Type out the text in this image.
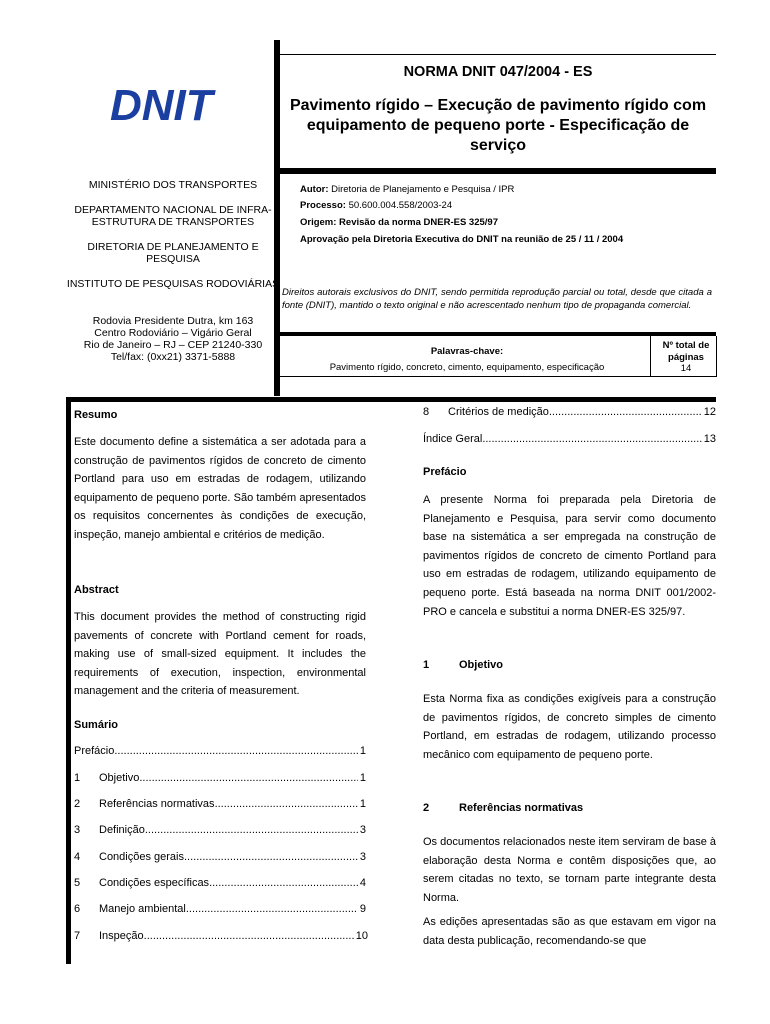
DNIT
NORMA DNIT 047/2004 - ES
Pavimento rígido – Execução de pavimento rígido com equipamento de pequeno porte - Especificação de serviço
MINISTÉRIO DOS TRANSPORTES
DEPARTAMENTO NACIONAL DE INFRA-ESTRUTURA DE TRANSPORTES
DIRETORIA DE PLANEJAMENTO E PESQUISA
INSTITUTO DE PESQUISAS RODOVIÁRIAS
Rodovia Presidente Dutra, km 163
Centro Rodoviário – Vigário Geral
Rio de Janeiro – RJ – CEP 21240-330
Tel/fax: (0xx21) 3371-5888
Autor: Diretoria de Planejamento e Pesquisa / IPR
Processo: 50.600.004.558/2003-24
Origem: Revisão da norma DNER-ES 325/97
Aprovação pela Diretoria Executiva do DNIT na reunião de 25 / 11 / 2004
Direitos autorais exclusivos do DNIT, sendo permitida reprodução parcial ou total, desde que citada a fonte (DNIT), mantido o texto original e não acrescentado nenhum tipo de propaganda comercial.
Palavras-chave:
Pavimento rígido, concreto, cimento, equipamento, especificação
Nº total de
páginas
14
Resumo
Este documento define a sistemática a ser adotada para a construção de pavimentos rígidos de concreto de cimento Portland para uso em estradas de rodagem, utilizando equipamento de pequeno porte. São também apresentados os requisitos concernentes às condições de execução, inspeção, manejo ambiental e critérios de medição.
Abstract
This document provides the method of constructing rigid pavements of concrete with Portland cement for roads, making use of small-sized equipment. It includes the requirements of execution, inspection, environmental management and the criteria of measurement.
Sumário
Prefácio .....	1
1	Objetivo .....	1
2	Referências normativas .....	1
3	Definição .....	3
4	Condições gerais .....	3
5	Condições específicas .....	4
6	Manejo ambiental .....	9
7	Inspeção .....	10
8	Critérios de medição .....	12
Índice Geral .....	13
Prefácio
A presente Norma foi preparada pela Diretoria de Planejamento e Pesquisa, para servir como documento base na sistemática a ser empregada na construção de pavimentos rígidos de concreto de cimento Portland para uso em estradas de rodagem, utilizando equipamento de pequeno porte. Está baseada na norma DNIT 001/2002-PRO e cancela e substitui a norma DNER-ES 325/97.
1	Objetivo
Esta Norma fixa as condições exigíveis para a construção de pavimentos rígidos, de concreto simples de cimento Portland, em estradas de rodagem, utilizando processo mecânico com equipamento de pequeno porte.
2	Referências normativas
Os documentos relacionados neste item serviram de base à elaboração desta Norma e contêm disposições que, ao serem citadas no texto, se tornam parte integrante desta Norma.
As edições apresentadas são as que estavam em vigor na data desta publicação, recomendando-se que
